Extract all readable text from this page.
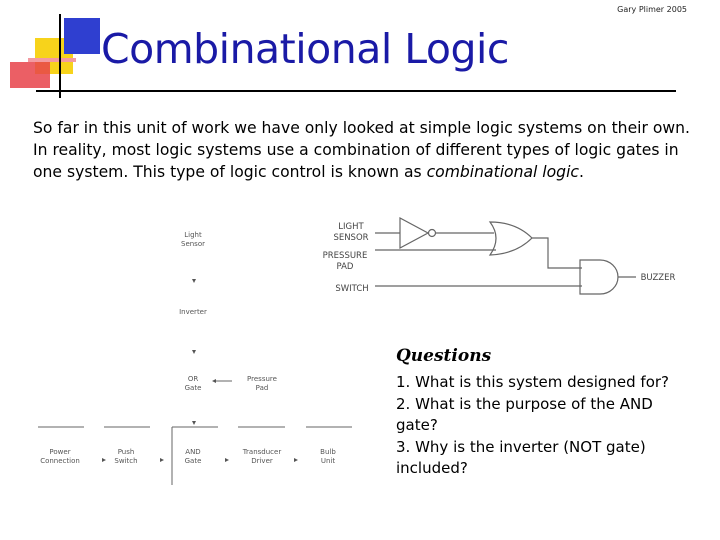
Gary Plimer 2005
Combinational Logic
So far in this unit of work we have only looked at simple logic systems on their own. In reality, most logic systems use a combination of different types of logic gates in one system. This type of logic control is known as combinational logic.
Light Sensor
Inverter
OR Gate
Pressure Pad
Power Connection
Push Switch
AND Gate
Transducer Driver
Bulb Unit
LIGHT SENSOR
PRESSURE PAD
SWITCH
BUZZER
Questions
1. What is this system designed for?
2. What is the purpose of the AND gate?
3. Why is the inverter (NOT gate) included?
